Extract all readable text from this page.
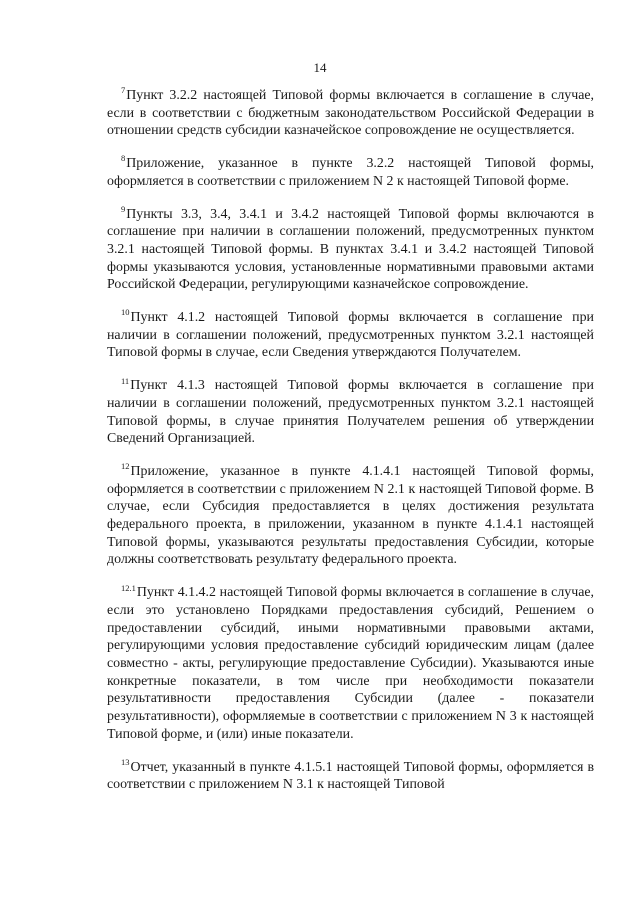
14

$^7$Пункт 3.2.2 настоящей Типовой формы включается в соглашение в случае, если в соответствии с бюджетным законодательством Российской Федерации в отношении средств субсидии казначейское сопровождение не осуществляется.

$^8$Приложение, указанное в пункте 3.2.2 настоящей Типовой формы, оформляется в соответствии с приложением N 2 к настоящей Типовой форме.

$^9$Пункты 3.3, 3.4, 3.4.1 и 3.4.2 настоящей Типовой формы включаются в соглашение при наличии в соглашении положений, предусмотренных пунктом 3.2.1 настоящей Типовой формы. В пунктах 3.4.1 и 3.4.2 настоящей Типовой формы указываются условия, установленные нормативными правовыми актами Российской Федерации, регулирующими казначейское сопровождение.

$^{10}$Пункт 4.1.2 настоящей Типовой формы включается в соглашение при наличии в соглашении положений, предусмотренных пунктом 3.2.1 настоящей Типовой формы в случае, если Сведения утверждаются Получателем.

$^{11}$Пункт 4.1.3 настоящей Типовой формы включается в соглашение при наличии в соглашении положений, предусмотренных пунктом 3.2.1 настоящей Типовой формы, в случае принятия Получателем решения об утверждении Сведений Организацией.

$^{12}$Приложение, указанное в пункте 4.1.4.1 настоящей Типовой формы, оформляется в соответствии с приложением N 2.1 к настоящей Типовой форме. В случае, если Субсидия предоставляется в целях достижения результата федерального проекта, в приложении, указанном в пункте 4.1.4.1 настоящей Типовой формы, указываются результаты предоставления Субсидии, которые должны соответствовать результату федерального проекта.

$^{12.1}$Пункт 4.1.4.2 настоящей Типовой формы включается в соглашение в случае, если это установлено Порядками предоставления субсидий, Решением о предоставлении субсидий, иными нормативными правовыми актами, регулирующими условия предоставление субсидий юридическим лицам (далее совместно - акты, регулирующие предоставление Субсидии). Указываются иные конкретные показатели, в том числе при необходимости показатели результативности предоставления Субсидии (далее - показатели результативности), оформляемые в соответствии с приложением N 3 к настоящей Типовой форме, и (или) иные показатели.

$^{13}$Отчет, указанный в пункте 4.1.5.1 настоящей Типовой формы, оформляется в соответствии с приложением N 3.1 к настоящей Типовой
